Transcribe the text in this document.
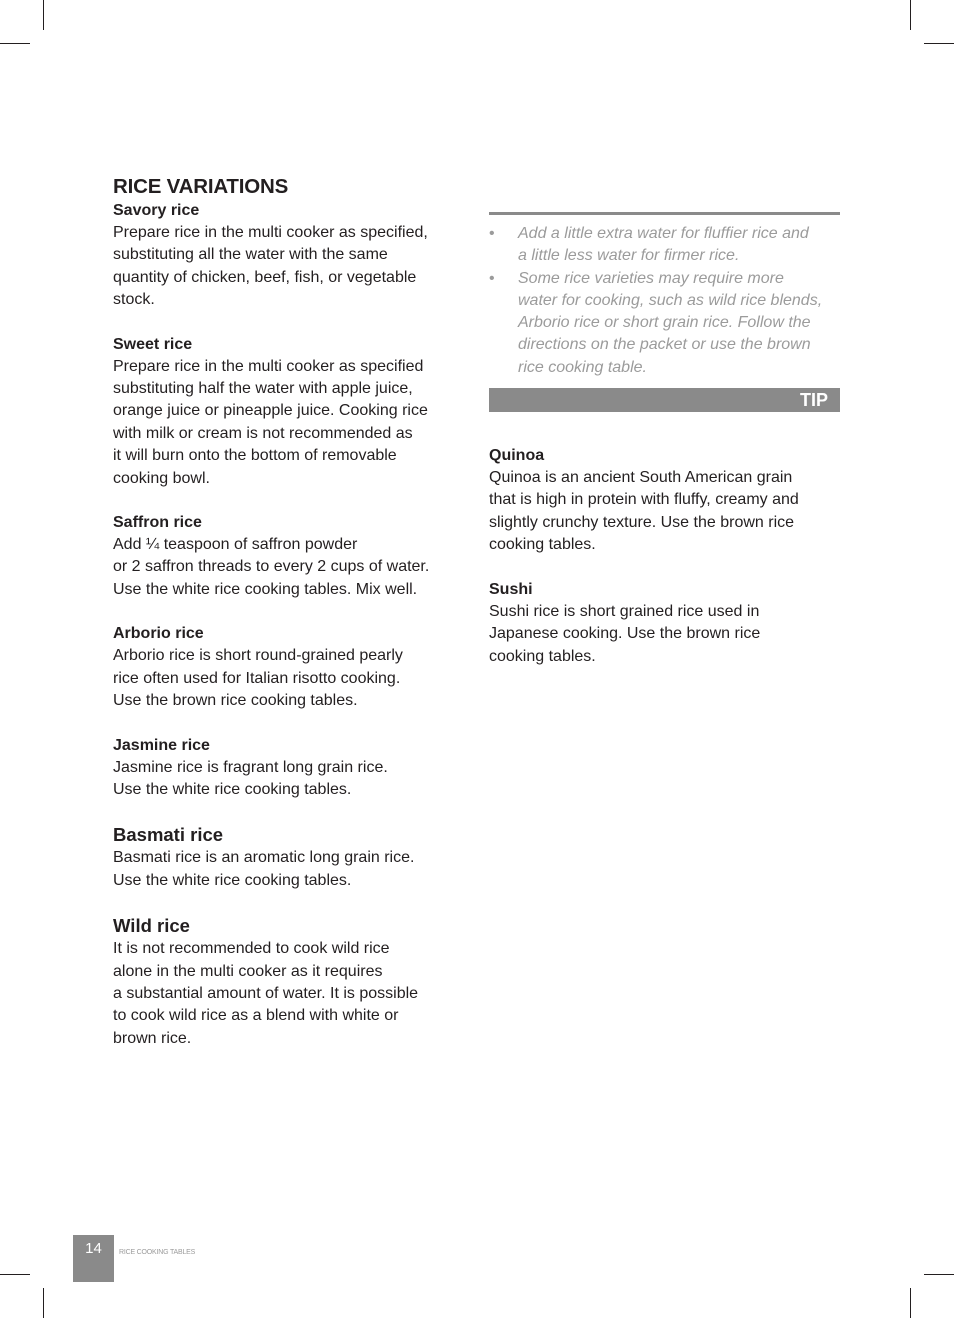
RICE VARIATIONS

Savory rice

Prepare rice in the multi cooker as specified,
substituting all the water with the same
quantity of chicken, beef, fish, or vegetable
stock.

Sweet rice

Prepare rice in the multi cooker as specified
substituting half the water with apple juice,
orange juice or pineapple juice. Cooking rice
with milk or cream is not recommended as
it will burn onto the bottom of removable
cooking bowl.

Saffron rice

Add ¼ teaspoon of saffron powder
or 2 saffron threads to every 2 cups of water.
Use the white rice cooking tables. Mix well.

Arborio rice

Arborio rice is short round-grained pearly
rice often used for Italian risotto cooking.
Use the brown rice cooking tables.

Jasmine rice

Jasmine rice is fragrant long grain rice.
Use the white rice cooking tables.

Basmati rice

Basmati rice is an aromatic long grain rice.
Use the white rice cooking tables.

Wild rice

It is not recommended to cook wild rice
alone in the multi cooker as it requires
a substantial amount of water. It is possible
to cook wild rice as a blend with white or
brown rice.

• Add a little extra water for fluffier rice and
a little less water for firmer rice.
• Some rice varieties may require more
water for cooking, such as wild rice blends,
Arborio rice or short grain rice. Follow the
directions on the packet or use the brown
rice cooking table.
TIP

Quinoa

Quinoa is an ancient South American grain
that is high in protein with fluffy, creamy and
slightly crunchy texture. Use the brown rice
cooking tables.

Sushi

Sushi rice is short grained rice used in
Japanese cooking. Use the brown rice
cooking tables.

14	RICE COOKING TABLES
